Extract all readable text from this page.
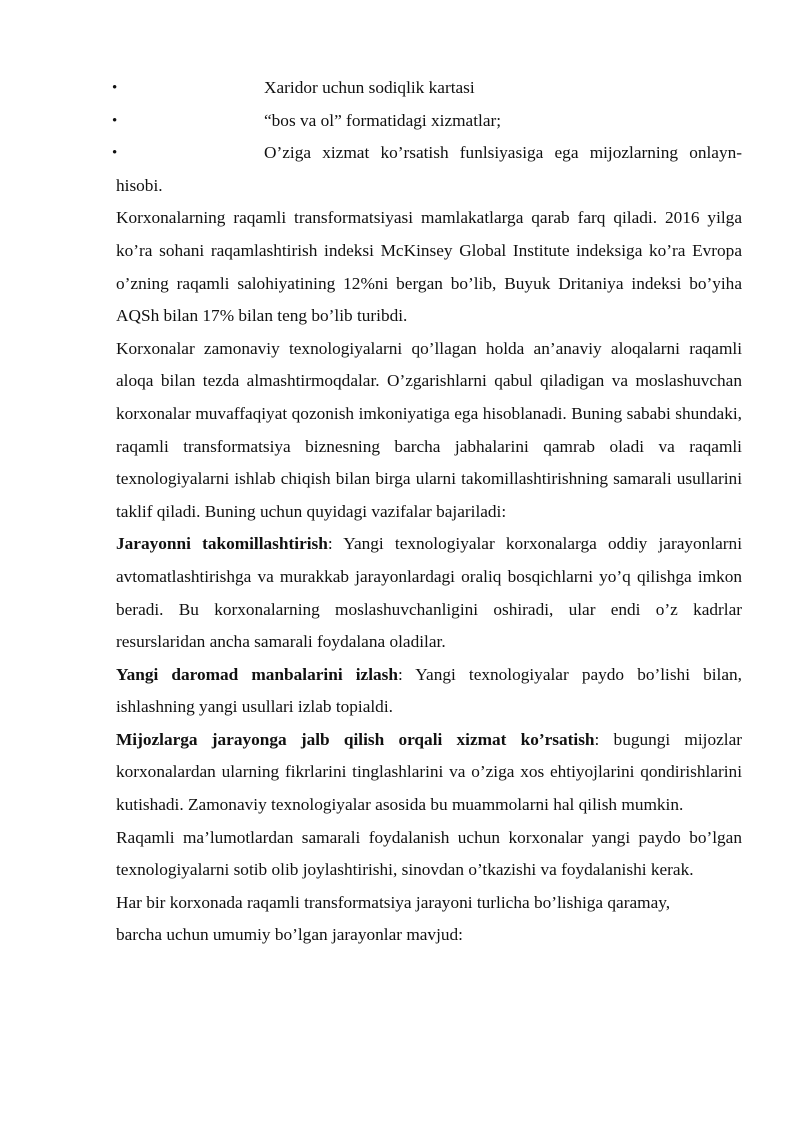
•	Xaridor uchun sodiqlik kartasi
•	“bos va ol” formatidagi xizmatlar;
•	O’ziga xizmat ko’rsatish funlsiyasiga ega mijozlarning onlayn-
hisobi.

Korxonalarning raqamli transformatsiyasi mamlakatlarga qarab farq qiladi. 2016 yilga ko’ra sohani raqamlashtirish indeksi McKinsey Global Institute indeksiga ko’ra Evropa o’zning raqamli salohiyatining 12%ni bergan bo’lib, Buyuk Dritaniya indeksi bo’yiha AQSh bilan 17% bilan teng bo’lib turibdi.

Korxonalar zamonaviy texnologiyalarni qo’llagan holda an’anaviy aloqalarni raqamli aloqa bilan tezda almashtirmoqdalar. O’zgarishlarni qabul qiladigan va moslashuvchan korxonalar muvaffaqiyat qozonish imkoniyatiga ega hisoblanadi. Buning sababi shundaki, raqamli transformatsiya biznesning barcha jabhalarini qamrab oladi va raqamli texnologiyalarni ishlab chiqish bilan birga ularni takomillashtirishning samarali usullarini taklif qiladi. Buning uchun quyidagi vazifalar bajariladi:

Jarayonni takomillashtirish: Yangi texnologiyalar korxonalarga oddiy jarayonlarni avtomatlashtirishga va murakkab jarayonlardagi oraliq bosqichlarni yo’q qilishga imkon beradi. Bu korxonalarning moslashuvchanligini oshiradi, ular endi o’z kadrlar resurslaridan ancha samarali foydalana oladilar.

Yangi daromad manbalarini izlash: Yangi texnologiyalar paydo bo’lishi bilan, ishlashning yangi usullari izlab topialdi.

Mijozlarga jarayonga jalb qilish orqali xizmat ko’rsatish: bugungi mijozlar korxonalardan ularning fikrlarini tinglashlarini va o’ziga xos ehtiyojlarini qondirishlarini kutishadi. Zamonaviy texnologiyalar asosida bu muammolarni hal qilish mumkin.

Raqamli ma’lumotlardan samarali foydalanish uchun korxonalar yangi paydo bo’lgan texnologiyalarni sotib olib joylashtirishi, sinovdan o’tkazishi va foydalanishi kerak.

Har bir korxonada raqamli transformatsiya jarayoni turlicha bo’lishiga qaramay,
barcha uchun umumiy bo’lgan jarayonlar mavjud:
